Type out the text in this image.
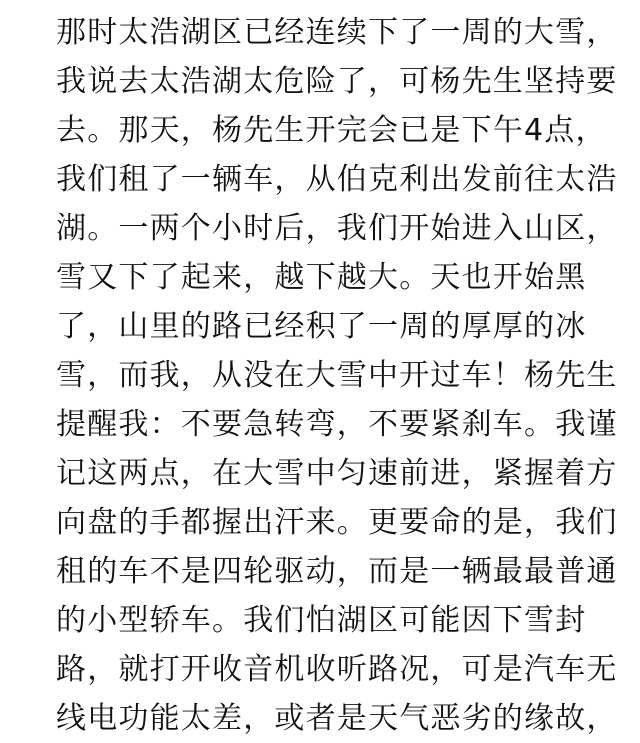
那时太浩湖区已经连续下了一周的大雪，
我说去太浩湖太危险了，可杨先生坚持要
去。那天，杨先生开完会已是下午4点，
我们租了一辆车，从伯克利出发前往太浩
湖。一两个小时后，我们开始进入山区，
雪又下了起来，越下越大。天也开始黑
了，山里的路已经积了一周的厚厚的冰
雪，而我，从没在大雪中开过车！杨先生
提醒我：不要急转弯，不要紧刹车。我谨
记这两点，在大雪中匀速前进，紧握着方
向盘的手都握出汗来。更要命的是，我们
租的车不是四轮驱动，而是一辆最最普通
的小型轿车。我们怕湖区可能因下雪封
路，就打开收音机收听路况，可是汽车无
线电功能太差，或者是天气恶劣的缘故，
